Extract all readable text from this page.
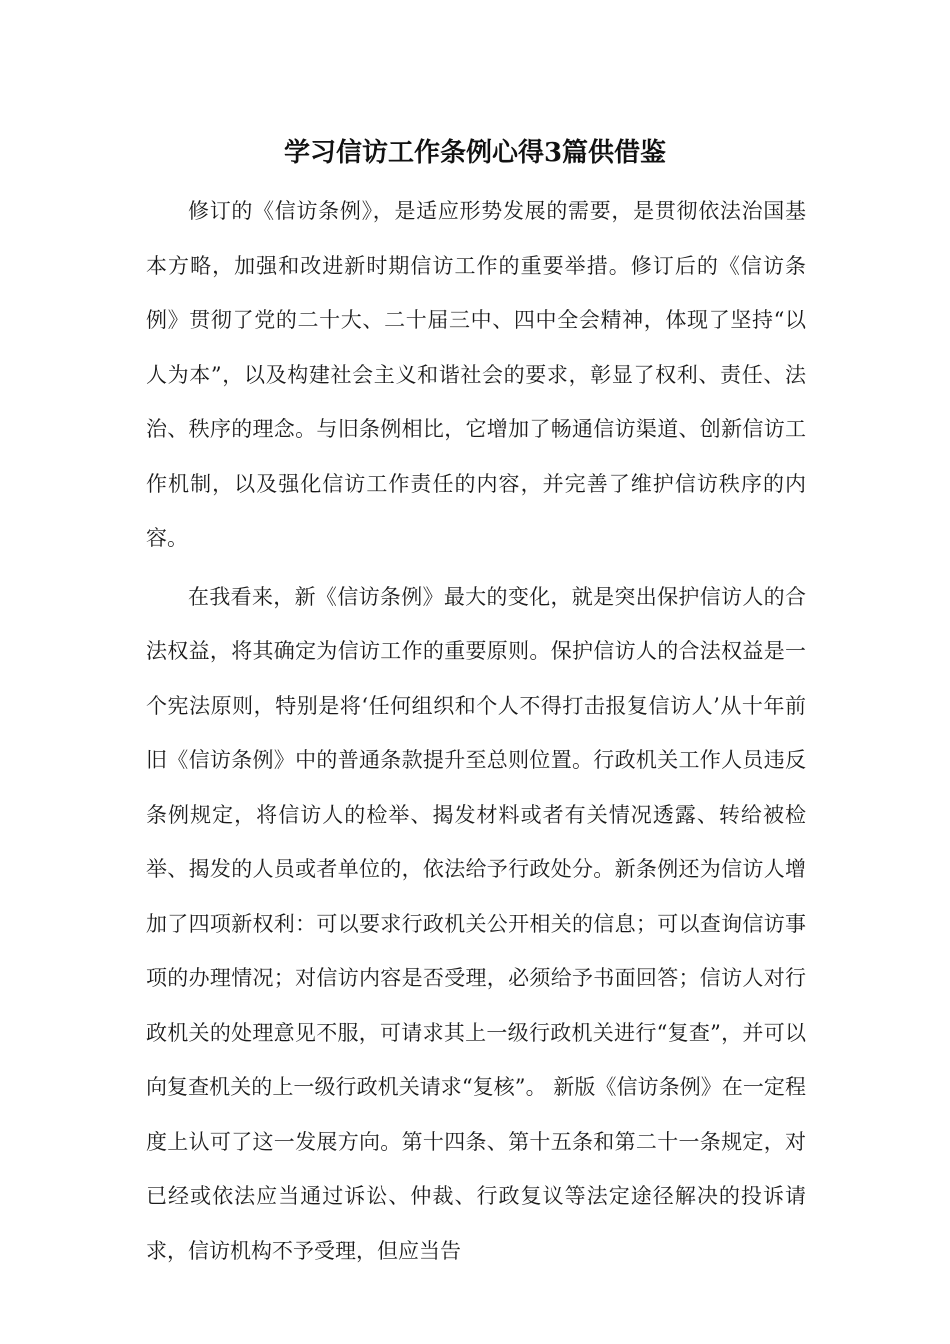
学习信访工作条例心得3篇供借鉴

修订的《信访条例》，是适应形势发展的需要，是贯彻依法治国基本方略，加强和改进新时期信访工作的重要举措。修订后的《信访条例》贯彻了党的二十大、二十届三中、四中全会精神，体现了坚持“以人为本”，以及构建社会主义和谐社会的要求，彰显了权利、责任、法治、秩序的理念。与旧条例相比，它增加了畅通信访渠道、创新信访工作机制，以及强化信访工作责任的内容，并完善了维护信访秩序的内容。

在我看来，新《信访条例》最大的变化，就是突出保护信访人的合法权益，将其确定为信访工作的重要原则。保护信访人的合法权益是一个宪法原则，特别是将‘任何组织和个人不得打击报复信访人’从十年前旧《信访条例》中的普通条款提升至总则位置。行政机关工作人员违反条例规定，将信访人的检举、揭发材料或者有关情况透露、转给被检举、揭发的人员或者单位的，依法给予行政处分。新条例还为信访人增加了四项新权利：可以要求行政机关公开相关的信息；可以查询信访事项的办理情况；对信访内容是否受理，必须给予书面回答；信访人对行政机关的处理意见不服，可请求其上一级行政机关进行“复查”，并可以向复查机关的上一级行政机关请求“复核”。 新版《信访条例》在一定程度上认可了这一发展方向。第十四条、第十五条和第二十一条规定，对已经或依法应当通过诉讼、仲裁、行政复议等法定途径解决的投诉请求，信访机构不予受理，但应当告
